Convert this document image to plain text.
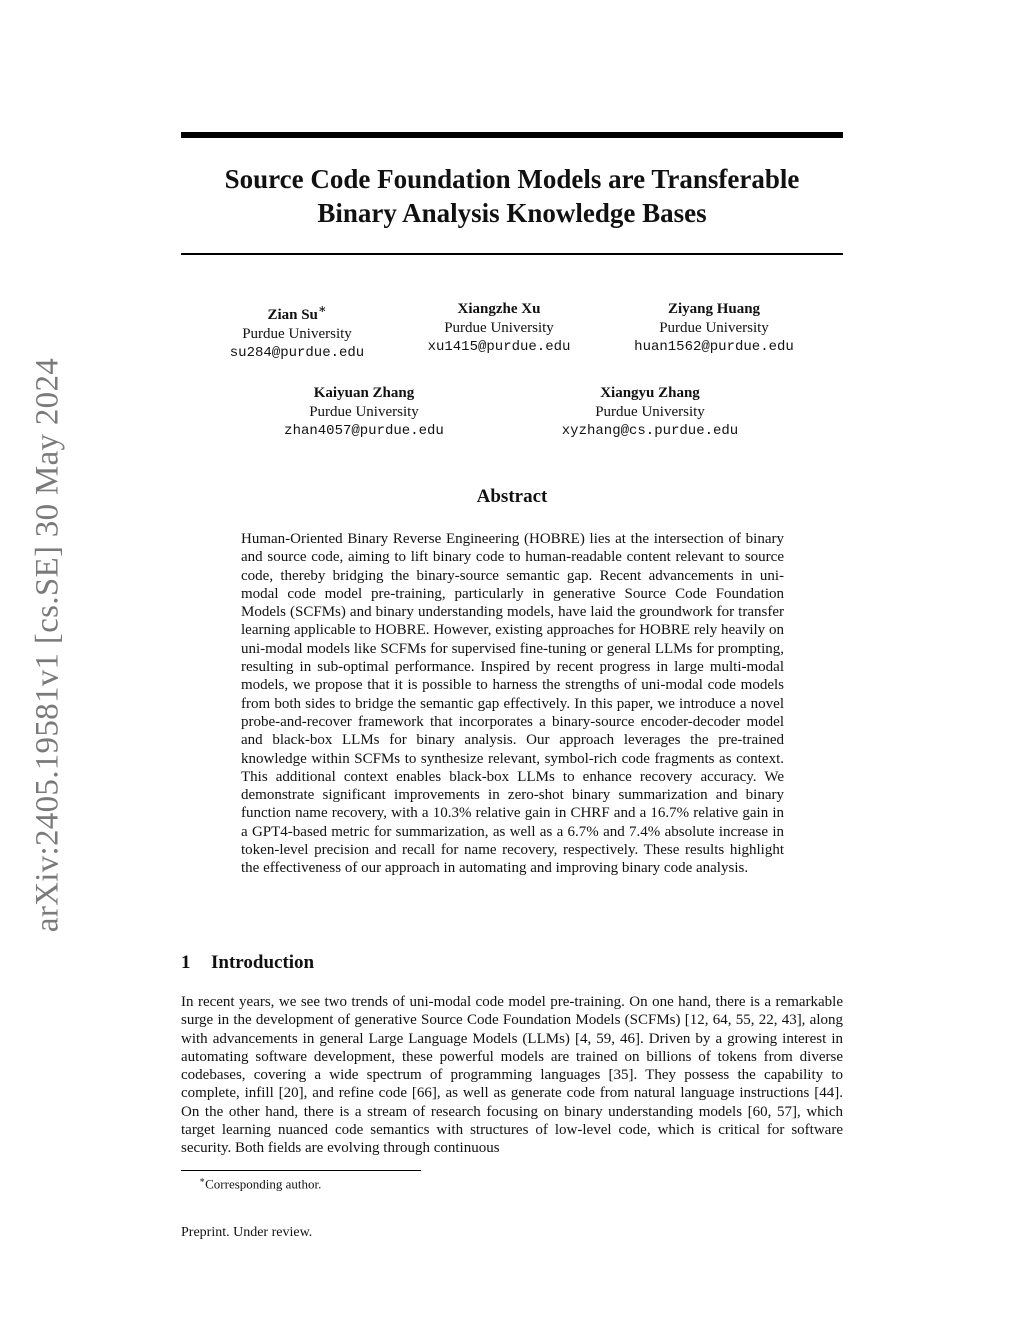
arXiv:2405.19581v1 [cs.SE] 30 May 2024
Source Code Foundation Models are Transferable
Binary Analysis Knowledge Bases
Zian Su∗
Purdue University
su284@purdue.edu
Xiangzhe Xu
Purdue University
xu1415@purdue.edu
Ziyang Huang
Purdue University
huan1562@purdue.edu
Kaiyuan Zhang
Purdue University
zhan4057@purdue.edu
Xiangyu Zhang
Purdue University
xyzhang@cs.purdue.edu
Abstract

Human-Oriented Binary Reverse Engineering (HOBRE) lies at the intersection of binary and source code, aiming to lift binary code to human-readable content relevant to source code, thereby bridging the binary-source semantic gap. Recent advancements in uni-modal code model pre-training, particularly in generative Source Code Foundation Models (SCFMs) and binary understanding models, have laid the groundwork for transfer learning applicable to HOBRE. However, existing approaches for HOBRE rely heavily on uni-modal models like SCFMs for supervised fine-tuning or general LLMs for prompting, resulting in sub-optimal performance. Inspired by recent progress in large multi-modal models, we propose that it is possible to harness the strengths of uni-modal code models from both sides to bridge the semantic gap effectively. In this paper, we introduce a novel probe-and-recover framework that incorporates a binary-source encoder-decoder model and black-box LLMs for binary analysis. Our approach leverages the pre-trained knowledge within SCFMs to synthesize relevant, symbol-rich code fragments as context. This additional context enables black-box LLMs to enhance recovery accuracy. We demonstrate significant improvements in zero-shot binary summarization and binary function name recovery, with a 10.3% relative gain in CHRF and a 16.7% relative gain in a GPT4-based metric for summarization, as well as a 6.7% and 7.4% absolute increase in token-level precision and recall for name recovery, respectively. These results highlight the effectiveness of our approach in automating and improving binary code analysis.

1 Introduction

In recent years, we see two trends of uni-modal code model pre-training. On one hand, there is a remarkable surge in the development of generative Source Code Foundation Models (SCFMs) [12, 64, 55, 22, 43], along with advancements in general Large Language Models (LLMs) [4, 59, 46]. Driven by a growing interest in automating software development, these powerful models are trained on billions of tokens from diverse codebases, covering a wide spectrum of programming languages [35]. They possess the capability to complete, infill [20], and refine code [66], as well as generate code from natural language instructions [44]. On the other hand, there is a stream of research focusing on binary understanding models [60, 57], which target learning nuanced code semantics with structures of low-level code, which is critical for software security. Both fields are evolving through continuous

∗Corresponding author.

Preprint. Under review.
